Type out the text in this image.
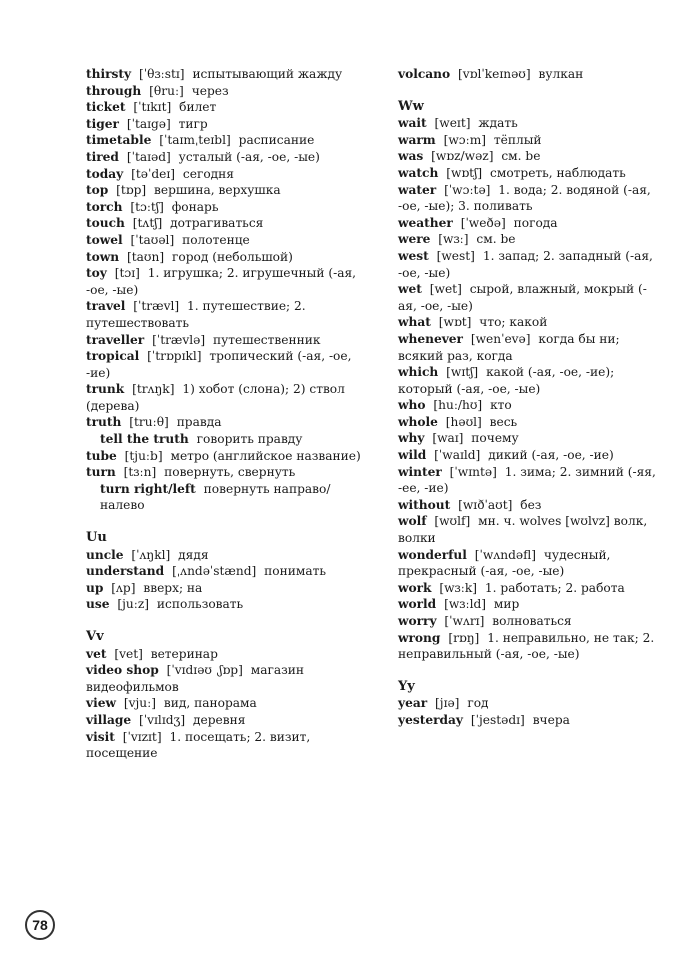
thirsty [ˈθɜːstɪ] испытывающий жажду
through [θruː] через
ticket [ˈtɪkɪt] билет
tiger [ˈtaɪgə] тигр
timetable [ˈtaɪmˌteɪbl] расписание
tired [ˈtaɪəd] усталый (-ая, -ое, -ые)
today [təˈdeɪ] сегодня
top [tɒp] вершина, верхушка
torch [tɔːtʃ] фонарь
touch [tʌtʃ] дотрагиваться
towel [ˈtaʊəl] полотенце
town [taʊn] город (небольшой)
toy [tɔɪ] 1. игрушка; 2. игрушечный (-ая, -ое, -ые)
travel [ˈtrævl] 1. путешествие; 2. путешествовать
traveller [ˈtrævlə] путешественник
tropical [ˈtrɒpɪkl] тропический (-ая, -ое, -ие)
trunk [trʌŋk] 1) хобот (слона); 2) ствол (дерева)
truth [truːθ] правда
tell the truth говорить правду
tube [tjuːb] метро (английское название)
turn [tɜːn] повернуть, свернуть
turn right/left повернуть направо/налево
Uu
uncle [ˈʌŋkl] дядя
understand [ˌʌndəˈstænd] понимать
up [ʌp] вверх; на
use [juːz] использовать
Vv
vet [vet] ветеринар
video shop [ˈvɪdɪəʊ ˌʃɒp] магазин видеофильмов
view [vjuː] вид, панорама
village [ˈvɪlɪdʒ] деревня
visit [ˈvɪzɪt] 1. посещать; 2. визит, посещение
volcano [vɒlˈkeɪnəʊ] вулкан
Ww
wait [weɪt] ждать
warm [wɔːm] тёплый
was [wɒz/wəz] см. be
watch [wɒtʃ] смотреть, наблюдать
water [ˈwɔːtə] 1. вода; 2. водяной (-ая, -ое, -ые); 3. поливать
weather [ˈweðə] погода
were [wɜː] см. be
west [west] 1. запад; 2. западный (-ая, -ое, -ые)
wet [wet] сырой, влажный, мокрый (-ая, -ое, -ые)
what [wɒt] что; какой
whenever [wenˈevə] когда бы ни; всякий раз, когда
which [wɪtʃ] какой (-ая, -ое, -ие); который (-ая, -ое, -ые)
who [huː/hʊ] кто
whole [həʊl] весь
why [waɪ] почему
wild [ˈwaɪld] дикий (-ая, -ое, -ие)
winter [ˈwɪntə] 1. зима; 2. зимний (-яя, -ее, -ие)
without [wɪðˈaʊt] без
wolf [wʊlf] мн. ч. wolves [wʊlvz] волк, волки
wonderful [ˈwʌndəfl] чудесный, прекрасный (-ая, -ое, -ые)
work [wɜːk] 1. работать; 2. работа
world [wɜːld] мир
worry [ˈwʌrɪ] волноваться
wrong [rɒŋ] 1. неправильно, не так; 2. неправильный (-ая, -ое, -ые)
Yy
year [jɪə] год
yesterday [ˈjestədɪ] вчера
78
